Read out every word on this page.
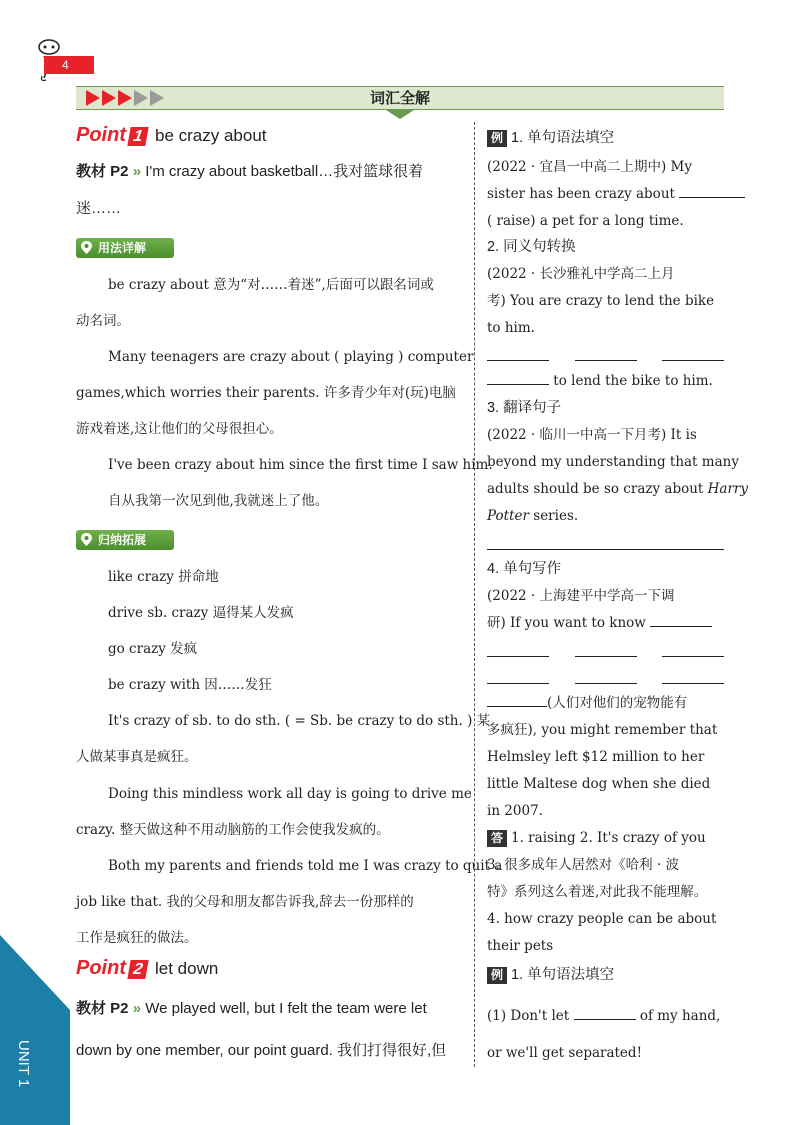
4
词汇全解
UNIT 1
Point 1 be crazy about
教材 P2 » I'm crazy about basketball…我对篮球很着
迷……
用法详解
be crazy about 意为“对……着迷”,后面可以跟名词或
动名词。
Many teenagers are crazy about ( playing ) computer
games,which worries their parents. 许多青少年对(玩)电脑
游戏着迷,这让他们的父母很担心。
I've been crazy about him since the first time I saw him.
自从我第一次见到他,我就迷上了他。
归纳拓展
like crazy 拼命地
drive sb. crazy 逼得某人发疯
go crazy 发疯
be crazy with 因……发狂
It's crazy of sb. to do sth. ( = Sb. be crazy to do sth. ) 某
人做某事真是疯狂。
Doing this mindless work all day is going to drive me
crazy. 整天做这种不用动脑筋的工作会使我发疯的。
Both my parents and friends told me I was crazy to quit a
job like that. 我的父母和朋友都告诉我,辞去一份那样的
工作是疯狂的做法。
Point 2 let down
教材 P2 » We played well, but I felt the team were let
down by one member, our point guard. 我们打得很好,但
例 1. 单句语法填空
(2022 · 宜昌一中高二上期中) My
sister has been crazy about
( raise) a pet for a long time.
2. 同义句转换
(2022 · 长沙雅礼中学高二上月
考) You are crazy to lend the bike
to him.
to lend the bike to him.
3. 翻译句子
(2022 · 临川一中高一下月考) It is
beyond my understanding that many
adults should be so crazy about Harry
Potter series.
4. 单句写作
(2022 · 上海建平中学高一下调
研) If you want to know
(人们对他们的宠物能有
多疯狂), you might remember that
Helmsley left $12 million to her
little Maltese dog when she died
in 2007.
答 1. raising 2. It's crazy of you
3. 很多成年人居然对《哈利 · 波
特》系列这么着迷,对此我不能理解。
4. how crazy people can be about
their pets
例 1. 单句语法填空
(1) Don't let	of my hand,
or we'll get separated!
